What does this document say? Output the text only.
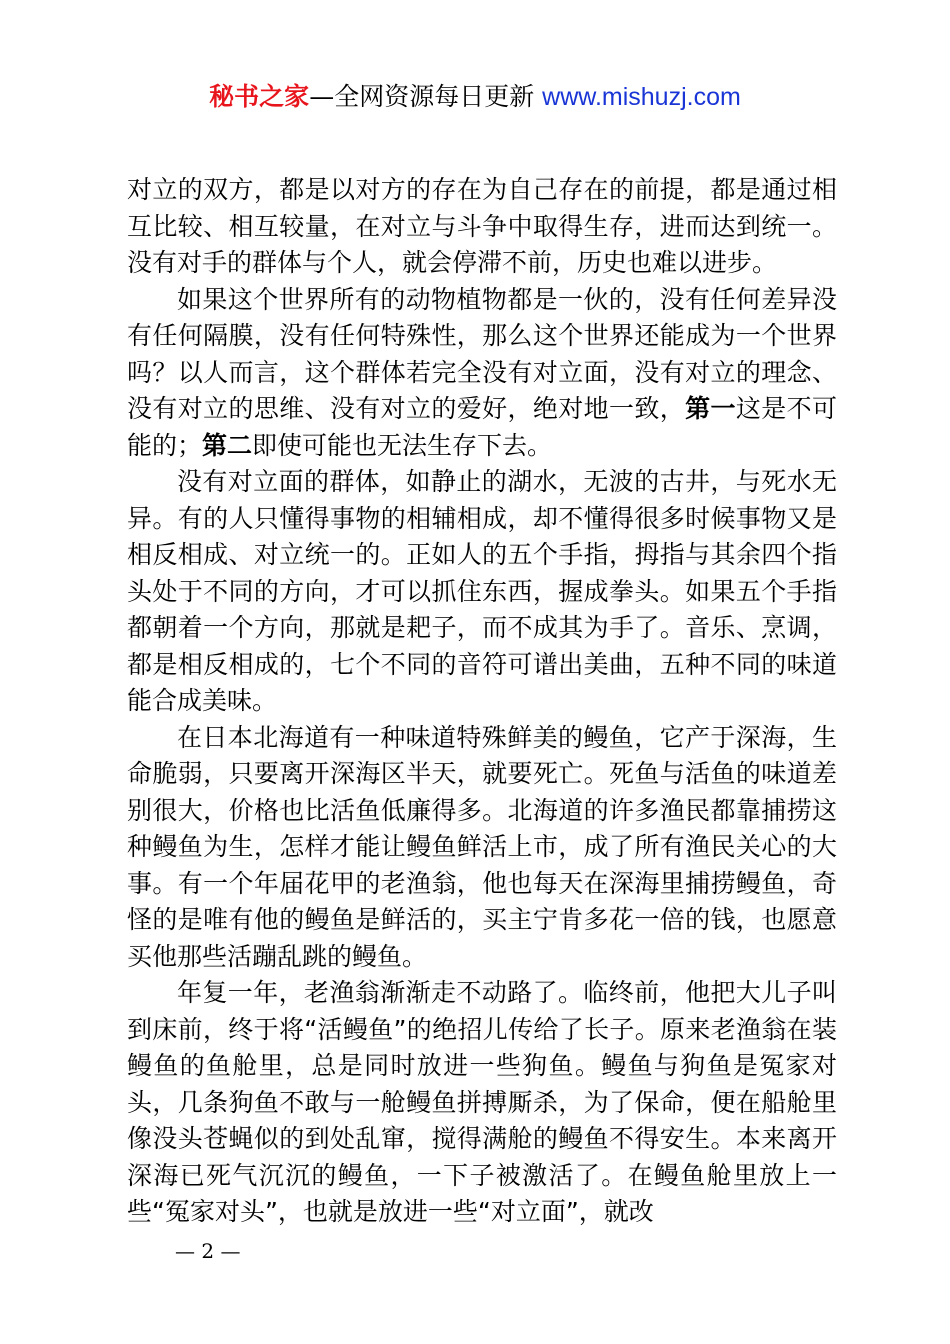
秘书之家—全网资源每日更新 www.mishuzj.com

对立的双方，都是以对方的存在为自己存在的前提，都是通过相互比较、相互较量，在对立与斗争中取得生存，进而达到统一。没有对手的群体与个人，就会停滞不前，历史也难以进步。

如果这个世界所有的动物植物都是一伙的，没有任何差异没有任何隔膜，没有任何特殊性，那么这个世界还能成为一个世界吗？以人而言，这个群体若完全没有对立面，没有对立的理念、没有对立的思维、没有对立的爱好，绝对地一致，第一这是不可能的；第二即使可能也无法生存下去。

没有对立面的群体，如静止的湖水，无波的古井，与死水无异。有的人只懂得事物的相辅相成，却不懂得很多时候事物又是相反相成、对立统一的。正如人的五个手指，拇指与其余四个指头处于不同的方向，才可以抓住东西，握成拳头。如果五个手指都朝着一个方向，那就是耙子，而不成其为手了。音乐、烹调，都是相反相成的，七个不同的音符可谱出美曲，五种不同的味道能合成美味。

在日本北海道有一种味道特殊鲜美的鳗鱼，它产于深海，生命脆弱，只要离开深海区半天，就要死亡。死鱼与活鱼的味道差别很大，价格也比活鱼低廉得多。北海道的许多渔民都靠捕捞这种鳗鱼为生，怎样才能让鳗鱼鲜活上市，成了所有渔民关心的大事。有一个年届花甲的老渔翁，他也每天在深海里捕捞鳗鱼，奇怪的是唯有他的鳗鱼是鲜活的，买主宁肯多花一倍的钱，也愿意买他那些活蹦乱跳的鳗鱼。

年复一年，老渔翁渐渐走不动路了。临终前，他把大儿子叫到床前，终于将“活鳗鱼”的绝招儿传给了长子。原来老渔翁在装鳗鱼的鱼舱里，总是同时放进一些狗鱼。鳗鱼与狗鱼是冤家对头，几条狗鱼不敢与一舱鳗鱼拼搏厮杀，为了保命，便在船舱里像没头苍蝇似的到处乱窜，搅得满舱的鳗鱼不得安生。本来离开深海已死气沉沉的鳗鱼，一下子被激活了。在鳗鱼舱里放上一些“冤家对头”，也就是放进一些“对立面”，就改

— 2 —
